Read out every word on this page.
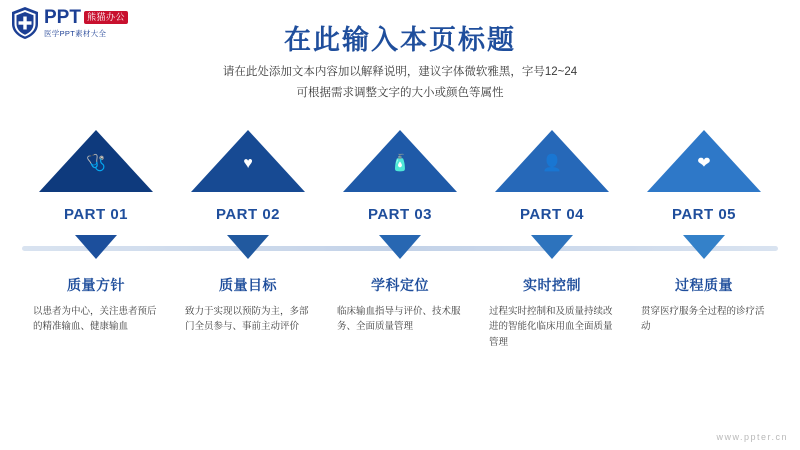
PPT 熊猫办公
医学PPT素材大全	在此输入本页标题
请在此处添加文本内容加以解释说明，建议字体微软雅黑，字号12~24
可根据需求调整文字的大小或颜色等属性
🩺
PART 01
质量方针
以患者为中心，关注患者预后的精准输血、健康输血
♥
PART 02
质量目标
致力于实现以预防为主，多部门全员参与、事前主动评价
🧴
PART 03
学科定位
临床输血指导与评价、技术服务、全面质量管理
👤
PART 04
实时控制
过程实时控制和及质量持续改进的智能化临床用血全面质量管理
❤
PART 05
过程质量
贯穿医疗服务全过程的诊疗活动
www.ppter.cn
